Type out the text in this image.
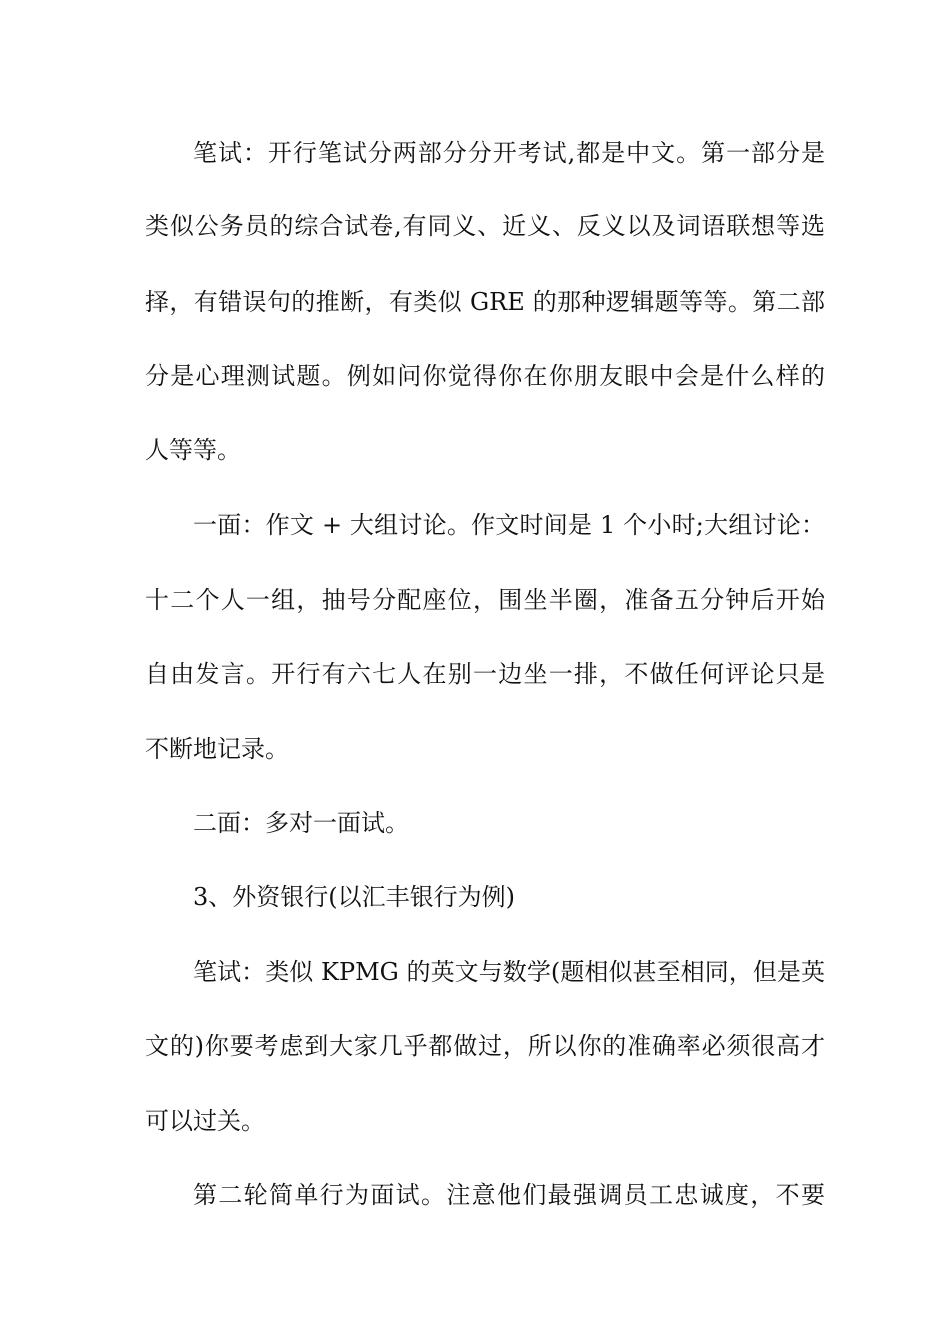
笔试：开行笔试分两部分分开考试,都是中文。第一部分是
类似公务员的综合试卷,有同义、近义、反义以及词语联想等选
择，有错误句的推断，有类似 GRE 的那种逻辑题等等。第二部
分是心理测试题。例如问你觉得你在你朋友眼中会是什么样的
人等等。
一面：作文 + 大组讨论。作文时间是 1 个小时;大组讨论：
十二个人一组，抽号分配座位，围坐半圈，准备五分钟后开始
自由发言。开行有六七人在别一边坐一排，不做任何评论只是
不断地记录。
二面：多对一面试。
3、外资银行(以汇丰银行为例)
笔试：类似 KPMG 的英文与数学(题相似甚至相同，但是英
文的)你要考虑到大家几乎都做过，所以你的准确率必须很高才
可以过关。
第二轮简单行为面试。注意他们最强调员工忠诚度，不要
